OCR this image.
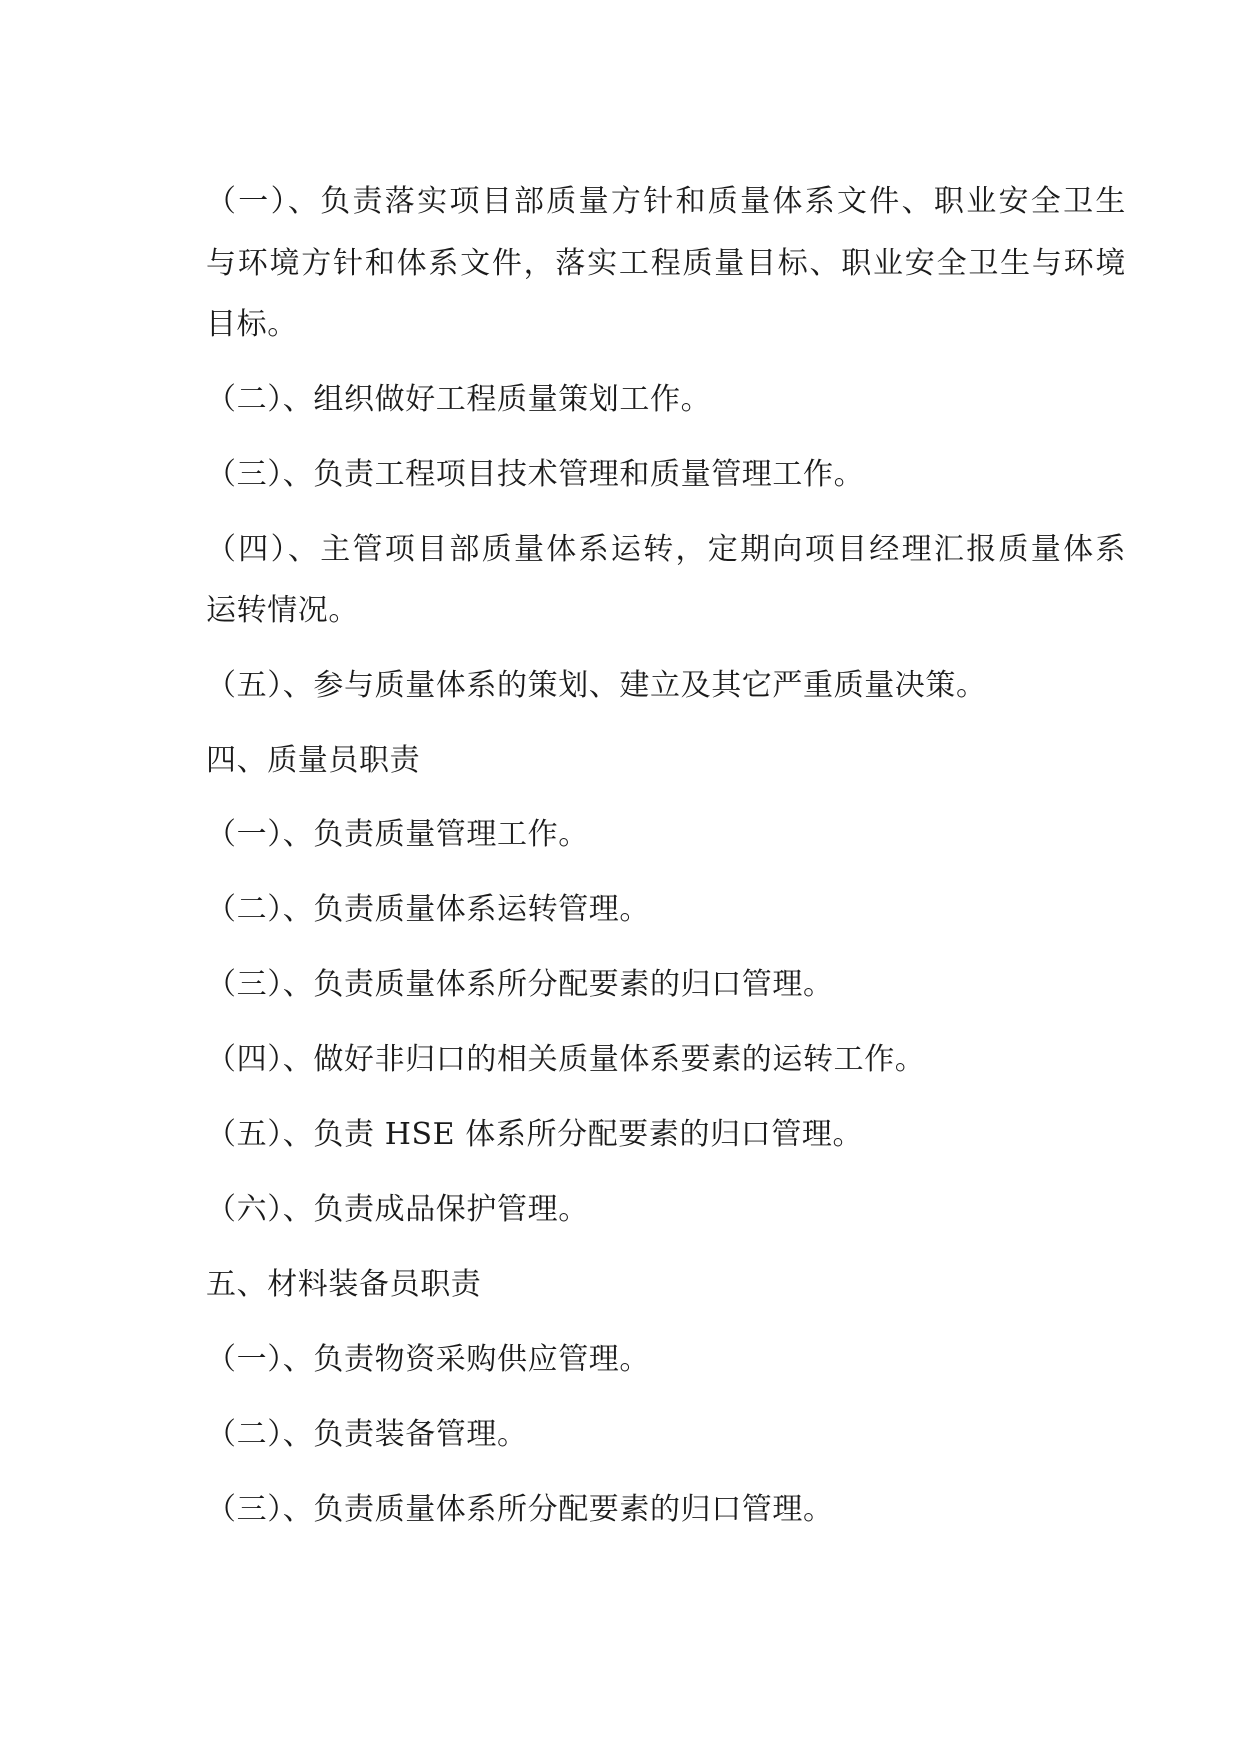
（一）、负责落实项目部质量方针和质量体系文件、职业安全卫生
与环境方针和体系文件，落实工程质量目标、职业安全卫生与环境
目标。
（二）、组织做好工程质量策划工作。
（三）、负责工程项目技术管理和质量管理工作。
（四）、主管项目部质量体系运转，定期向项目经理汇报质量体系
运转情况。
（五）、参与质量体系的策划、建立及其它严重质量决策。
四、质量员职责
（一）、负责质量管理工作。
（二）、负责质量体系运转管理。
（三）、负责质量体系所分配要素的归口管理。
（四）、做好非归口的相关质量体系要素的运转工作。
（五）、负责 HSE 体系所分配要素的归口管理。
（六）、负责成品保护管理。
五、材料装备员职责
（一）、负责物资采购供应管理。
（二）、负责装备管理。
（三）、负责质量体系所分配要素的归口管理。
